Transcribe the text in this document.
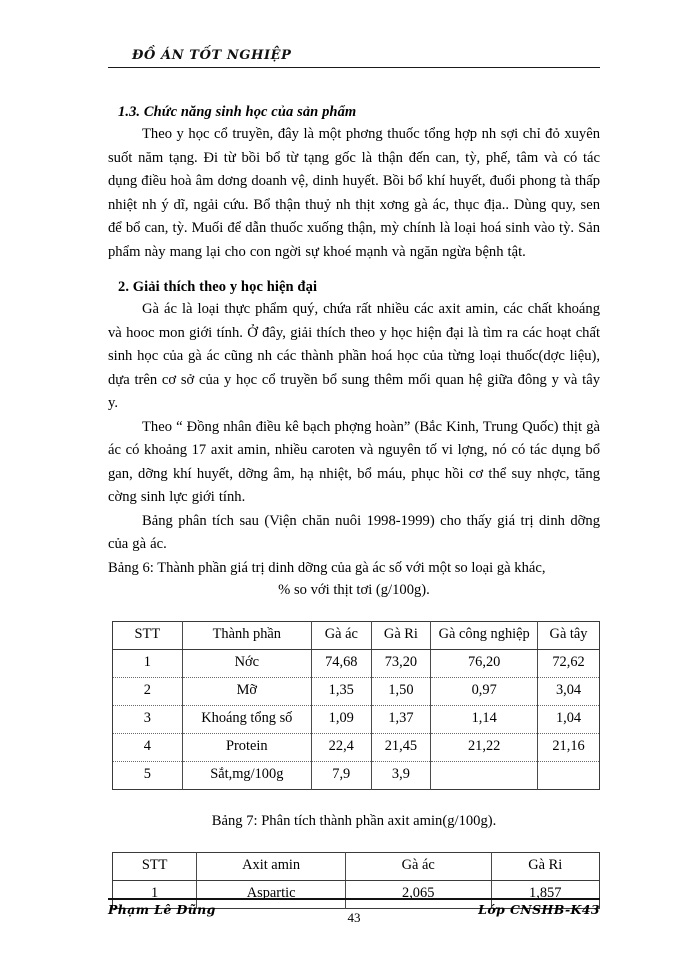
ĐỒ ÁN TỐT NGHIỆP
1.3. Chức năng sinh học của sản phẩm

Theo y học cổ truyền, đây là một phơng thuốc tổng hợp nh sợi chỉ đỏ xuyên suốt năm tạng. Đi từ bồi bổ từ tạng gốc là thận đến can, tỳ, phế, tâm và có tác dụng điều hoà âm dơng doanh vệ, dinh huyết. Bồi bổ khí huyết, đuổi phong tà thấp nhiệt nh ý dĩ, ngải cứu. Bổ thận thuỷ nh thịt xơng gà ác, thục địa.. Dùng quy, sen để bổ can, tỳ. Muối để dẫn thuốc xuống thận, mỳ chính là loại hoá sinh vào tỳ. Sản phẩm này mang lại cho con ngời sự khoé mạnh và ngăn ngừa bệnh tật.

2. Giải thích theo y học hiện đại

Gà ác là loại thực phẩm quý, chứa rất nhiều các axit amin, các chất khoáng và hooc mon giới tính. Ở đây, giải thích theo y học hiện đại là tìm ra các hoạt chất sinh học của gà ác cũng nh các thành phần hoá học của từng loại thuốc(dợc liệu), dựa trên cơ sở của y học cổ truyền bổ sung thêm mối quan hệ giữa đông y và tây y.

Theo “ Đồng nhân điều kê bạch phợng hoàn” (Bắc Kinh, Trung Quốc) thịt gà ác có khoảng 17 axit amin, nhiều caroten và nguyên tố vi lợng, nó có tác dụng bổ gan, dỡng khí huyết, dỡng âm, hạ nhiệt, bổ máu, phục hồi cơ thể suy nhợc, tăng cờng sinh lực giới tính.

Bảng phân tích sau (Viện chăn nuôi 1998-1999) cho thấy giá trị dinh dỡng của gà ác.

Bảng 6: Thành phần giá trị dinh dỡng của gà ác số với một so loại gà khác,

% so với thịt tơi (g/100g).

STT	Thành phần	Gà ác	Gà Ri	Gà công nghiệp	Gà tây
1	Nớc	74,68	73,20	76,20	72,62
2	Mỡ	1,35	1,50	0,97	3,04
3	Khoáng tổng số	1,09	1,37	1,14	1,04
4	Protein	22,4	21,45	21,22	21,16
5	Sắt,mg/100g	7,9	3,9		

Bảng 7: Phân tích thành phần axit amin(g/100g).

STT	Axit amin	Gà ác	Gà Ri
1	Aspartic	2,065	1,857
Phạm Lê Dũng
43
Lớp CNSHB-K43
